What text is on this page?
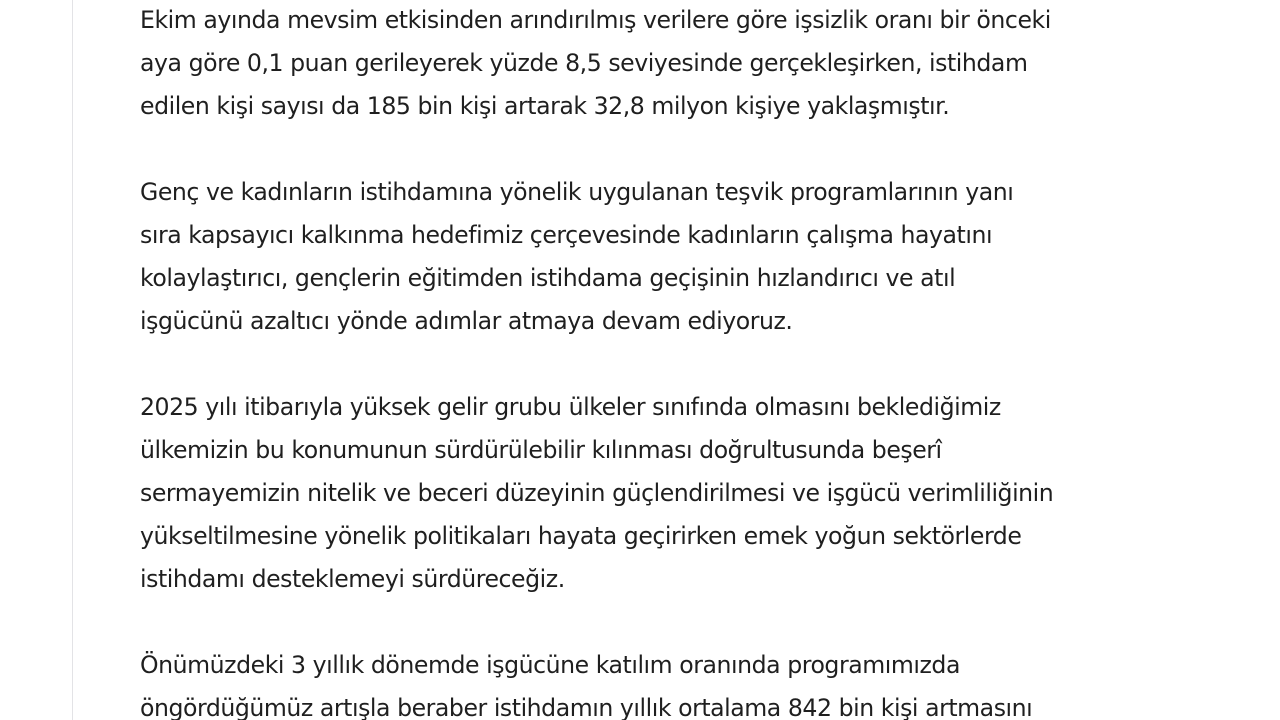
Ekim ayında mevsim etkisinden arındırılmış verilere göre işsizlik oranı bir önceki
aya göre 0,1 puan gerileyerek yüzde 8,5 seviyesinde gerçekleşirken, istihdam
edilen kişi sayısı da 185 bin kişi artarak 32,8 milyon kişiye yaklaşmıştır.

Genç ve kadınların istihdamına yönelik uygulanan teşvik programlarının yanı
sıra kapsayıcı kalkınma hedefimiz çerçevesinde kadınların çalışma hayatını
kolaylaştırıcı, gençlerin eğitimden istihdama geçişinin hızlandırıcı ve atıl
işgücünü azaltıcı yönde adımlar atmaya devam ediyoruz.

2025 yılı itibarıyla yüksek gelir grubu ülkeler sınıfında olmasını beklediğimiz
ülkemizin bu konumunun sürdürülebilir kılınması doğrultusunda beşerî
sermayemizin nitelik ve beceri düzeyinin güçlendirilmesi ve işgücü verimliliğinin
yükseltilmesine yönelik politikaları hayata geçirirken emek yoğun sektörlerde
istihdamı desteklemeyi sürdüreceğiz.

Önümüzdeki 3 yıllık dönemde işgücüne katılım oranında programımızda
öngördüğümüz artışla beraber istihdamın yıllık ortalama 842 bin kişi artmasını
